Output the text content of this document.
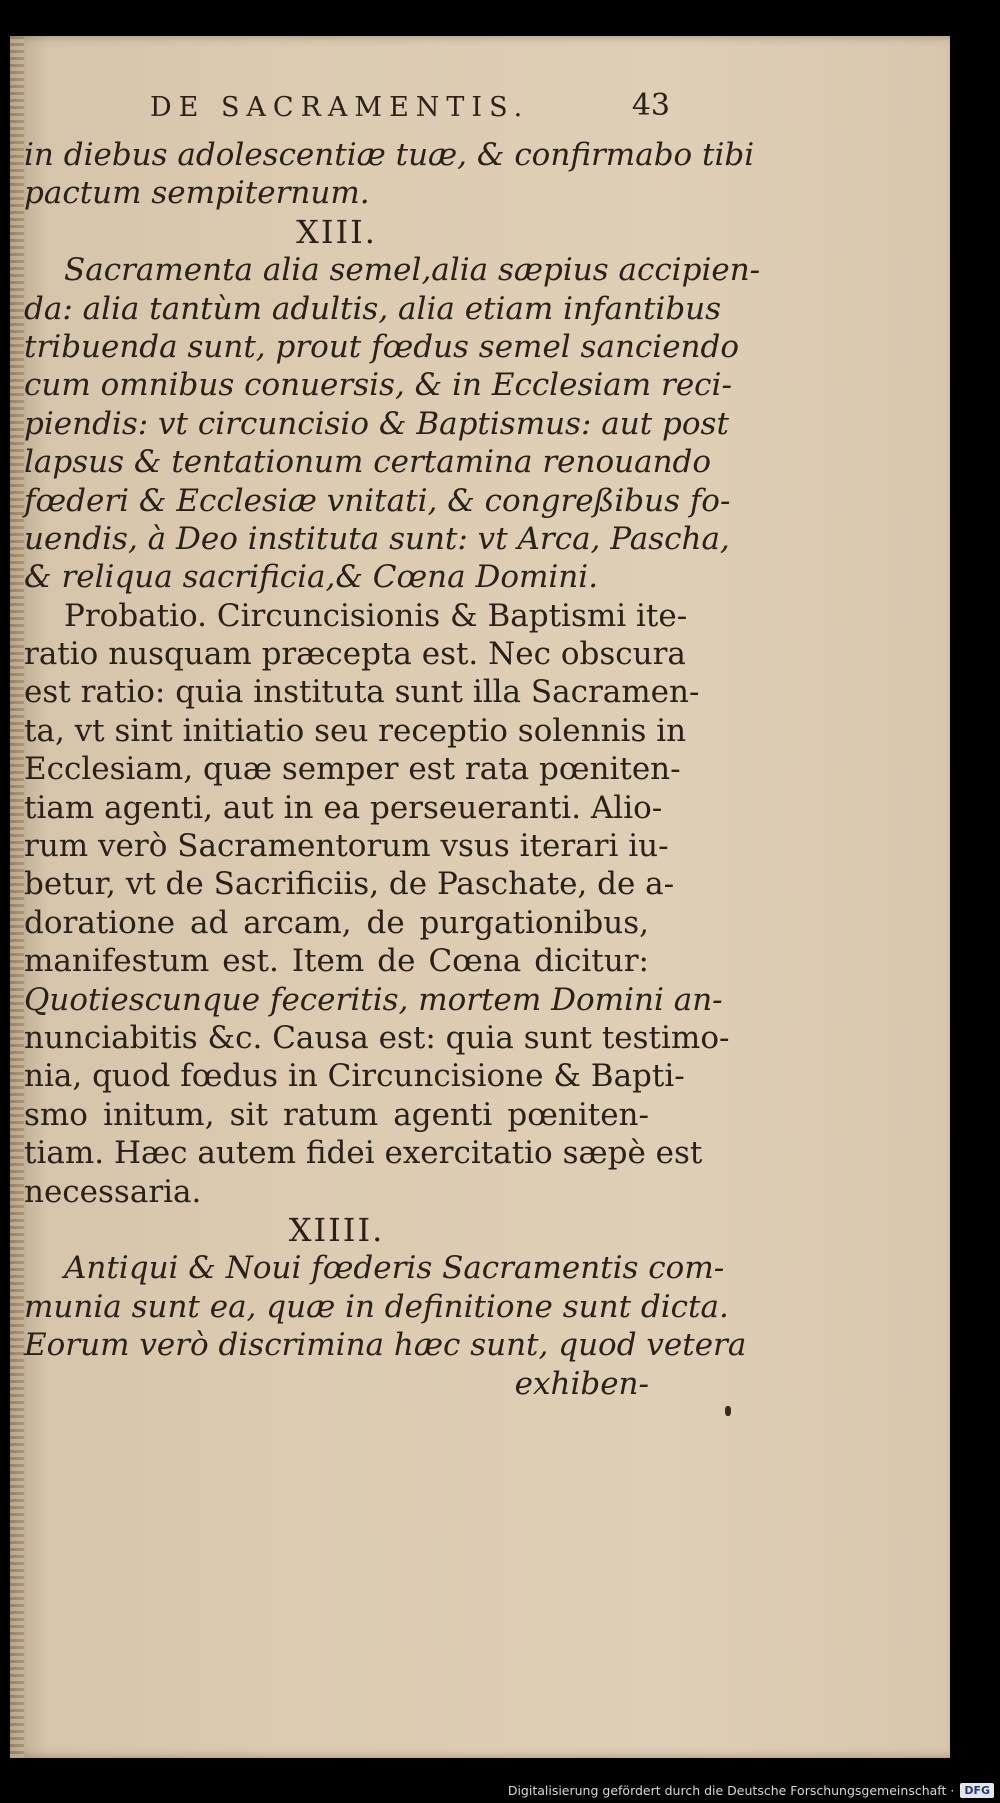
DE SACRAMENTIS.	43
in diebus adolescentiæ tuæ, & confirmabo tibi
pactum sempiternum.
XIII.
Sacramenta alia semel,alia sæpius accipien-
da: alia tantùm adultis, alia etiam infantibus
tribuenda sunt, prout fœdus semel sanciendo
cum omnibus conuersis, & in Ecclesiam reci-
piendis: vt circuncisio & Baptismus: aut post
lapsus & tentationum certamina renouando
fœderi & Ecclesiæ vnitati, & congreßibus fo-
uendis, à Deo instituta sunt: vt Arca, Pascha,
& reliqua sacrificia,& Cœna Domini.
Probatio. Circuncisionis & Baptismi ite-
ratio nusquam præcepta est. Nec obscura
est ratio: quia instituta sunt illa Sacramen-
ta, vt sint initiatio seu receptio solennis in
Ecclesiam, quæ semper est rata pœniten-
tiam agenti, aut in ea perseueranti. Alio-
rum verò Sacramentorum vsus iterari iu-
betur, vt de Sacrificiis, de Paschate, de a-
doratione ad arcam, de purgationibus,
manifestum est. Item de Cœna dicitur:
Quotiescunque feceritis, mortem Domini an-
nunciabitis &c. Causa est: quia sunt testimo-
nia, quod fœdus in Circuncisione & Bapti-
smo initum, sit ratum agenti pœniten-
tiam. Hæc autem fidei exercitatio sæpè est
necessaria.
XIIII.
Antiqui & Noui fœderis Sacramentis com-
munia sunt ea, quæ in definitione sunt dicta.
Eorum verò discrimina hæc sunt, quod vetera
exhiben-
Digitalisierung gefördert durch die Deutsche Forschungsgemeinschaft · DFG
